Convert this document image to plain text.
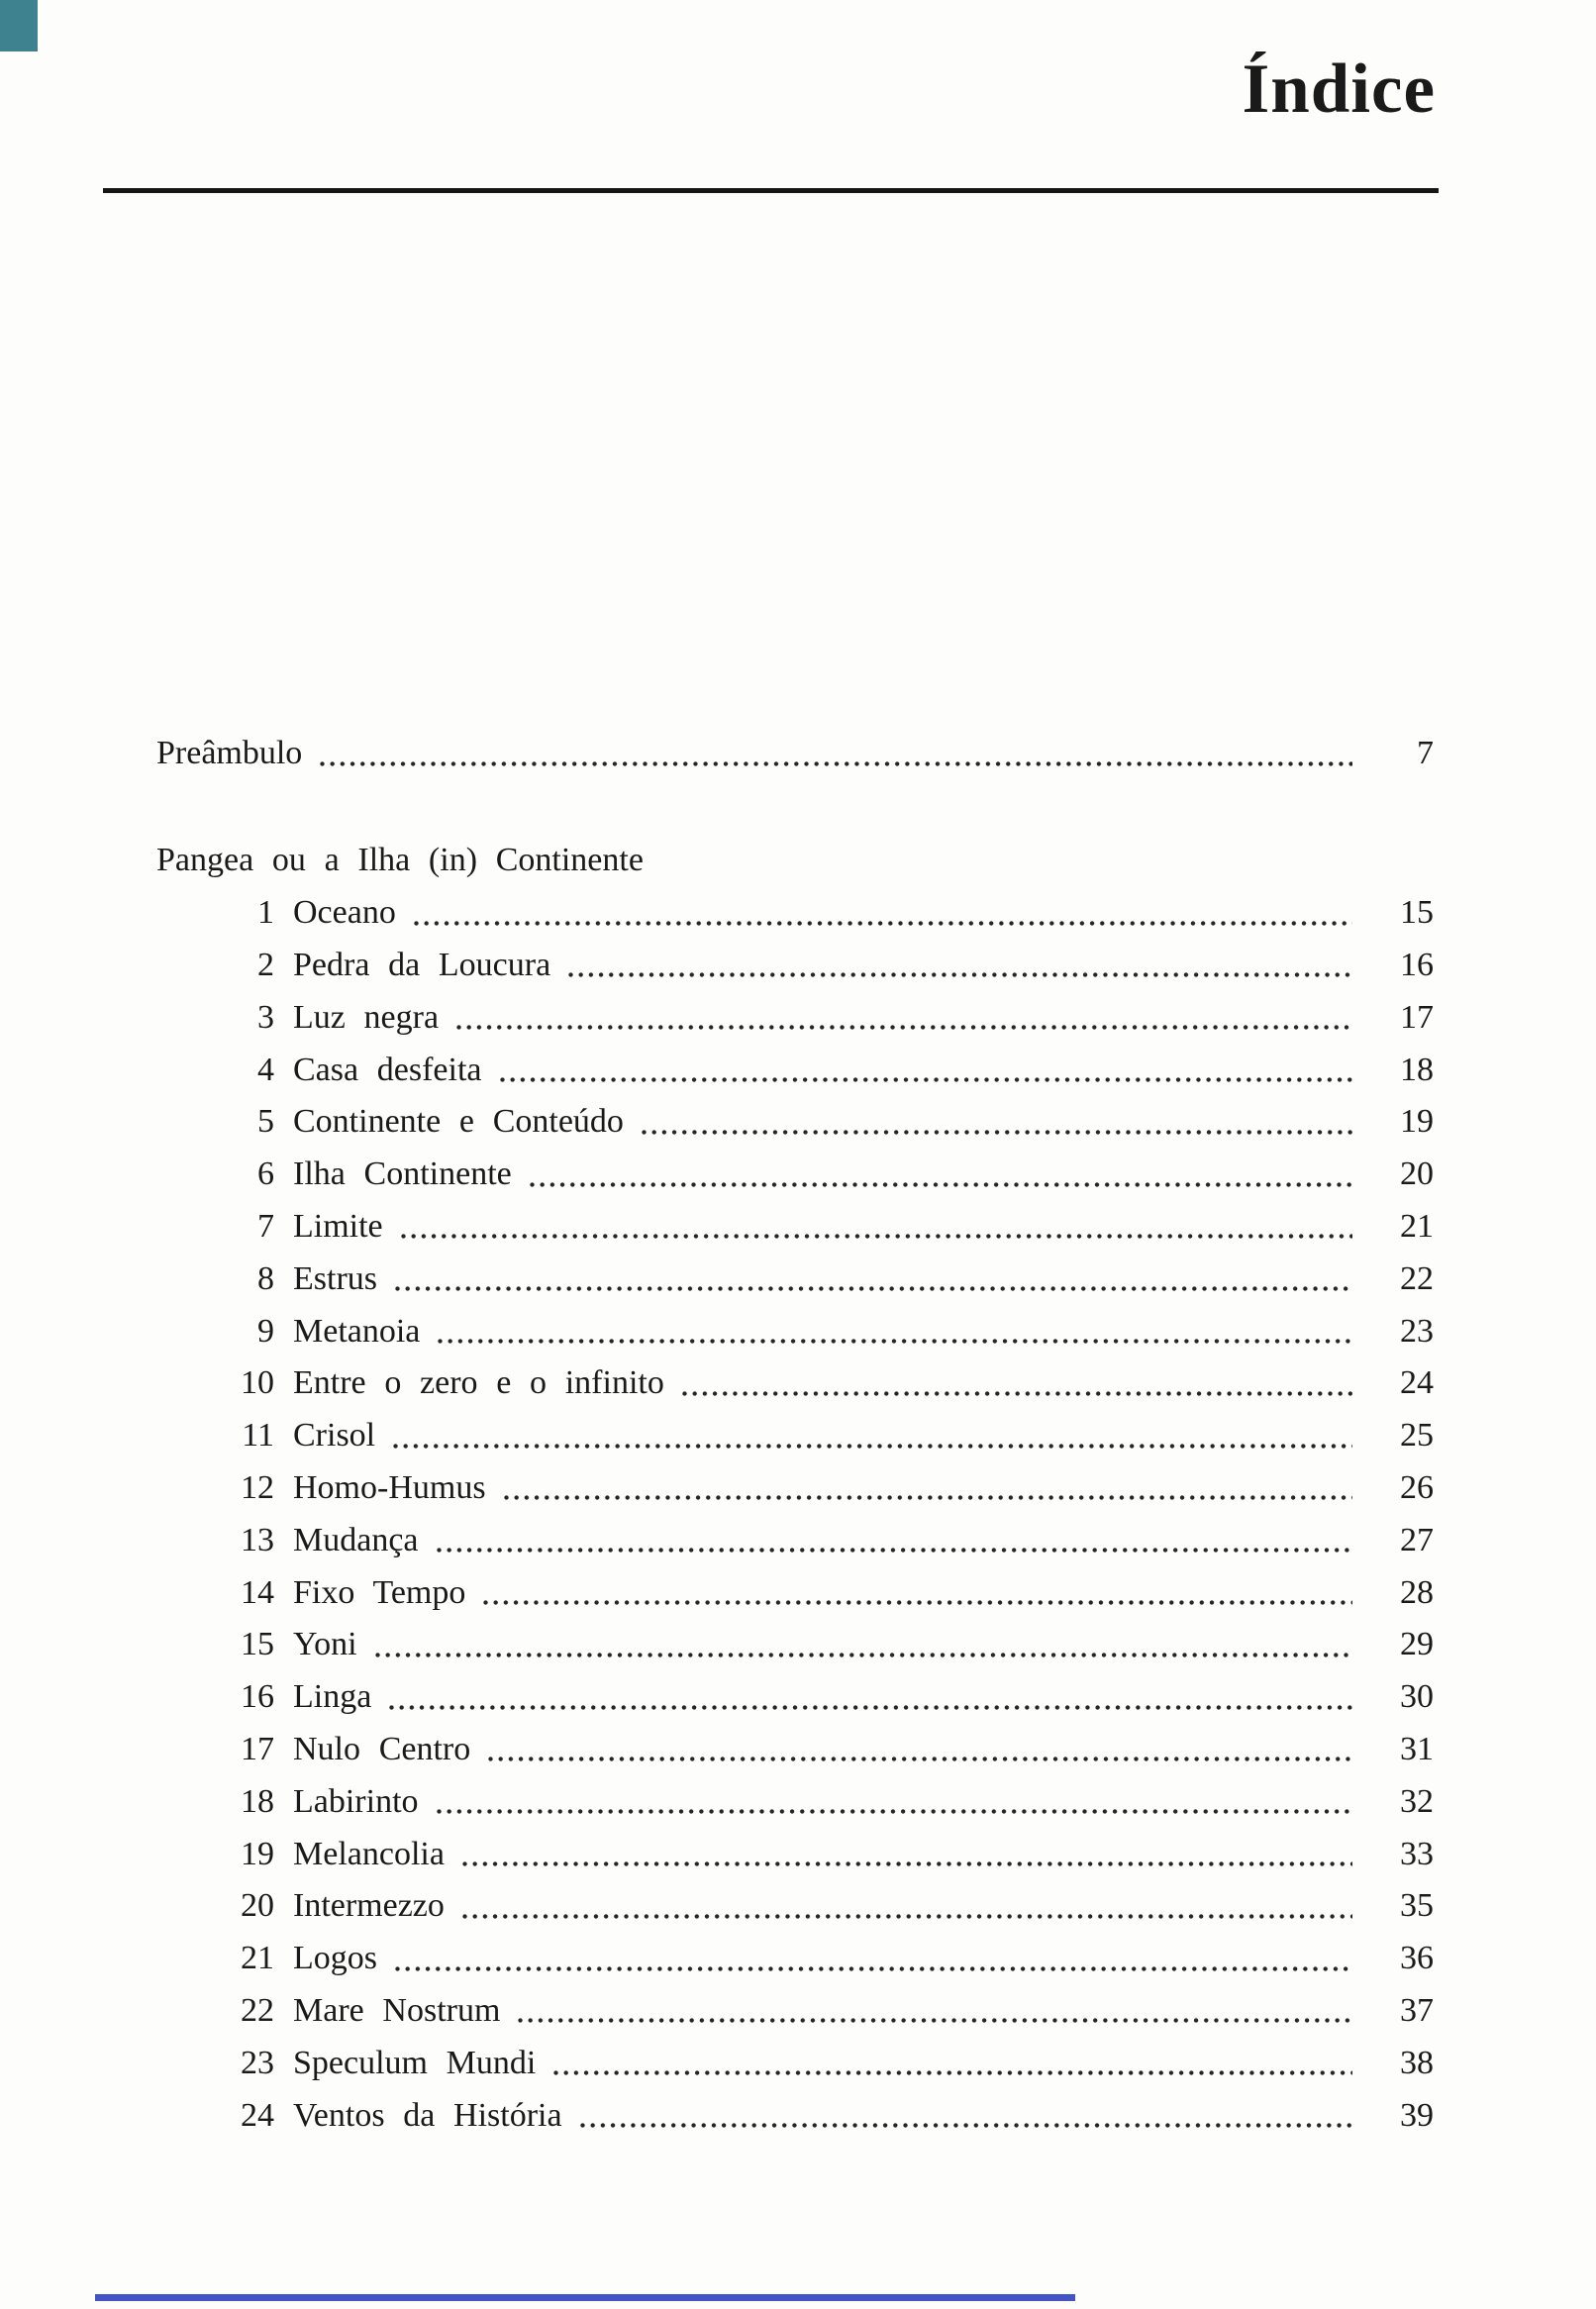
Índice
Preâmbulo	7
Pangea ou a Ilha (in) Continente
1 Oceano	15
2 Pedra da Loucura	16
3 Luz negra	17
4 Casa desfeita	18
5 Continente e Conteúdo	19
6 Ilha Continente	20
7 Limite	21
8 Estrus	22
9 Metanoia	23
10 Entre o zero e o infinito	24
11 Crisol	25
12 Homo-Humus	26
13 Mudança	27
14 Fixo Tempo	28
15 Yoni	29
16 Linga	30
17 Nulo Centro	31
18 Labirinto	32
19 Melancolia	33
20 Intermezzo	35
21 Logos	36
22 Mare Nostrum	37
23 Speculum Mundi	38
24 Ventos da História	39
